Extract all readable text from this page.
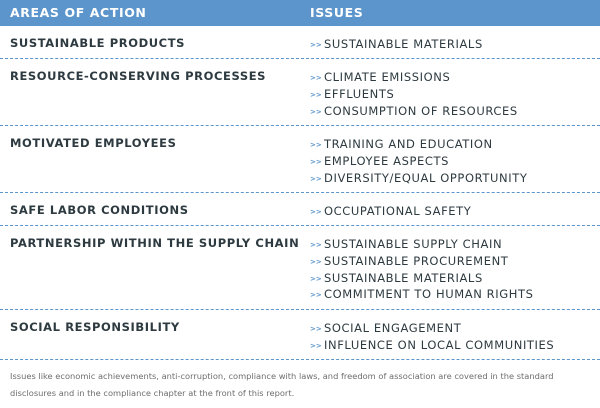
AREAS OF ACTION	ISSUES
SUSTAINABLE PRODUCTS	>> SUSTAINABLE MATERIALS
RESOURCE-CONSERVING PROCESSES	>> CLIMATE EMISSIONS
>> EFFLUENTS
>> CONSUMPTION OF RESOURCES
MOTIVATED EMPLOYEES	>> TRAINING AND EDUCATION
>> EMPLOYEE ASPECTS
>> DIVERSITY/EQUAL OPPORTUNITY
SAFE LABOR CONDITIONS	>> OCCUPATIONAL SAFETY
PARTNERSHIP WITHIN THE SUPPLY CHAIN >> SUSTAINABLE SUPPLY CHAIN
>> SUSTAINABLE PROCUREMENT
>> SUSTAINABLE MATERIALS
>> COMMITMENT TO HUMAN RIGHTS
SOCIAL RESPONSIBILITY	>> SOCIAL ENGAGEMENT
>> INFLUENCE ON LOCAL COMMUNITIES
Issues like economic achievements, anti-corruption, compliance with laws, and freedom of association are covered in the standard disclosures and in the compliance chapter at the front of this report.
